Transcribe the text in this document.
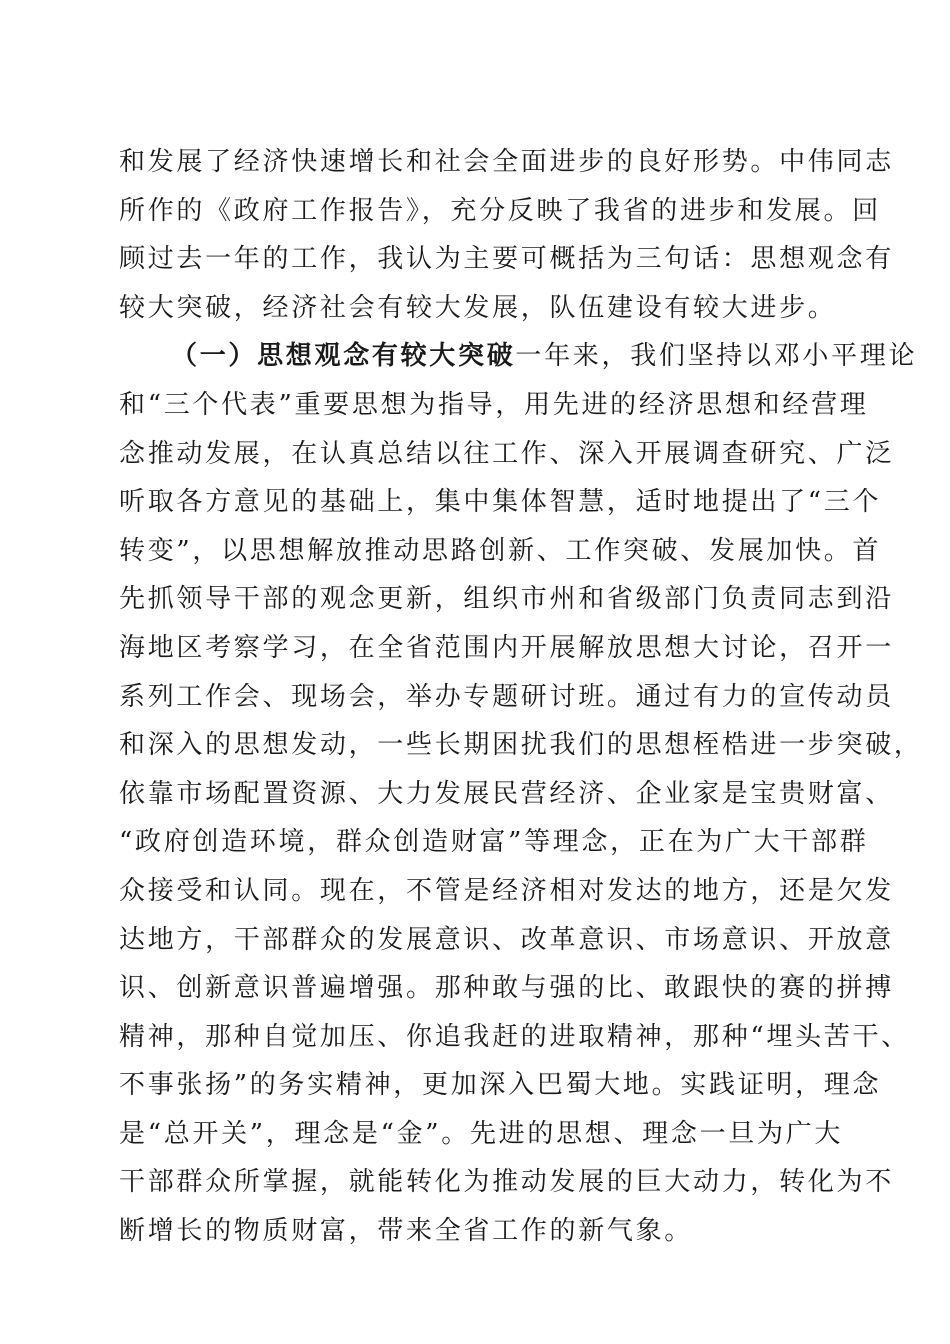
和发展了经济快速增长和社会全面进步的良好形势。中伟同志
所作的《政府工作报告》，充分反映了我省的进步和发展。回
顾过去一年的工作，我认为主要可概括为三句话：思想观念有
较大突破，经济社会有较大发展，队伍建设有较大进步。
（一）思想观念有较大突破一年来，我们坚持以邓小平理论
和“三个代表”重要思想为指导，用先进的经济思想和经营理
念推动发展，在认真总结以往工作、深入开展调查研究、广泛
听取各方意见的基础上，集中集体智慧，适时地提出了“三个
转变”，以思想解放推动思路创新、工作突破、发展加快。首
先抓领导干部的观念更新，组织市州和省级部门负责同志到沿
海地区考察学习，在全省范围内开展解放思想大讨论，召开一
系列工作会、现场会，举办专题研讨班。通过有力的宣传动员
和深入的思想发动，一些长期困扰我们的思想桎梏进一步突破，
依靠市场配置资源、大力发展民营经济、企业家是宝贵财富、
“政府创造环境，群众创造财富”等理念，正在为广大干部群
众接受和认同。现在，不管是经济相对发达的地方，还是欠发
达地方，干部群众的发展意识、改革意识、市场意识、开放意
识、创新意识普遍增强。那种敢与强的比、敢跟快的赛的拼搏
精神，那种自觉加压、你追我赶的进取精神，那种“埋头苦干、
不事张扬”的务实精神，更加深入巴蜀大地。实践证明，理念
是“总开关”，理念是“金”。先进的思想、理念一旦为广大
干部群众所掌握，就能转化为推动发展的巨大动力，转化为不
断增长的物质财富，带来全省工作的新气象。
